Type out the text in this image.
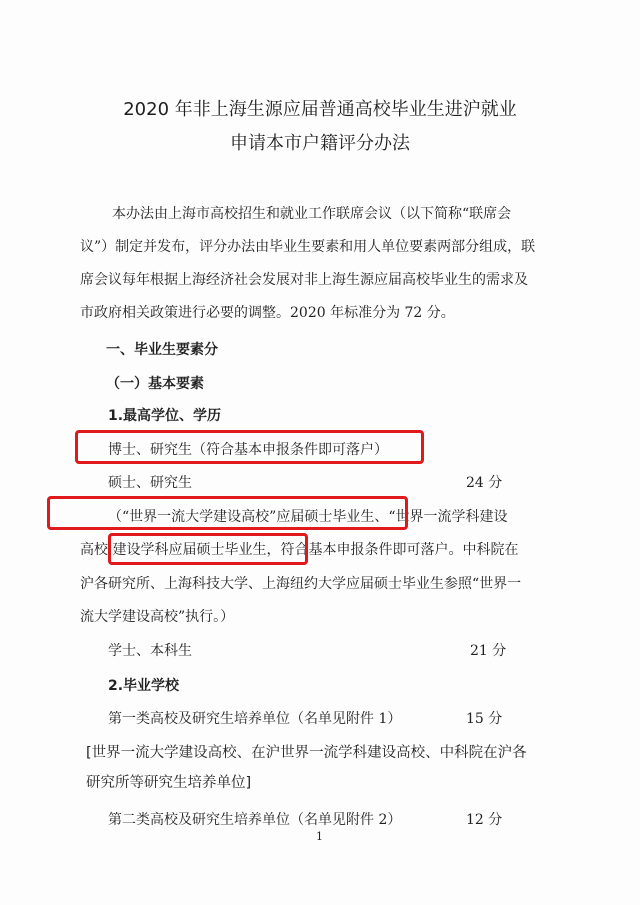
2020 年非上海生源应届普通高校毕业生进沪就业
申请本市户籍评分办法
本办法由上海市高校招生和就业工作联席会议（以下简称“联席会
议”）制定并发布，评分办法由毕业生要素和用人单位要素两部分组成，联
席会议每年根据上海经济社会发展对非上海生源应届高校毕业生的需求及
市政府相关政策进行必要的调整。2020 年标准分为 72 分。
一、毕业生要素分
（一）基本要素
1.最高学位、学历
博士、研究生（符合基本申报条件即可落户）
硕士、研究生	24 分
（“世界一流大学建设高校”应届硕士毕业生、“世界一流学科建设
高校 建设学科应届硕士毕业生，符合基本申报条件即可落户。中科院在
沪各研究所、上海科技大学、上海纽约大学应届硕士毕业生参照“世界一
流大学建设高校”执行。）
学士、本科生	21 分
2.毕业学校
第一类高校及研究生培养单位（名单见附件 1）	15 分
[世界一流大学建设高校、在沪世界一流学科建设高校、中科院在沪各
研究所等研究生培养单位]
第二类高校及研究生培养单位（名单见附件 2）	12 分
1
